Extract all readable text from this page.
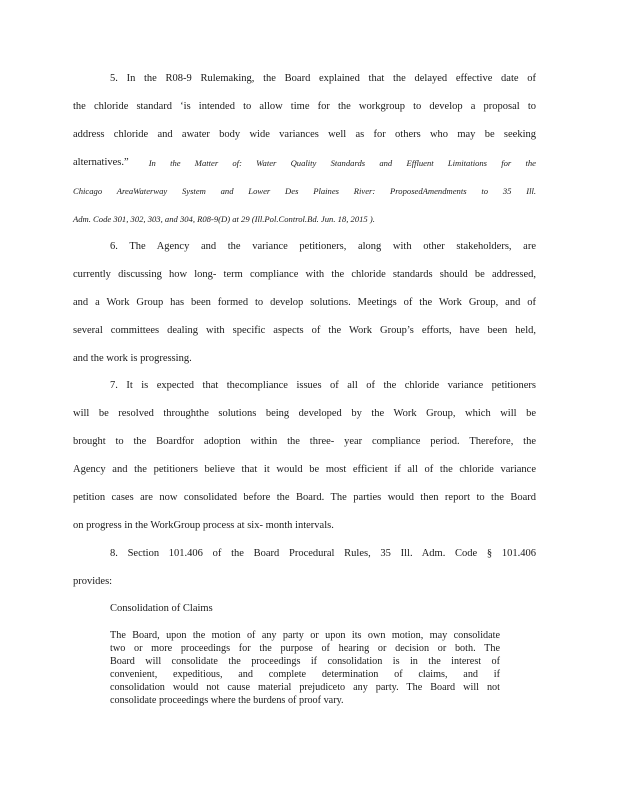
5. In the R08-9 Rulemaking, the Board explained that the delayed effective date of
the chloride standard ‘is intended to allow time for the workgroup to develop a proposal to
address chloride and awater body wide variances well as for others who may be seeking
alternatives.” In the Matter of: Water Quality Standards and Effluent Limitations for the
Chicago AreaWaterway System and Lower Des Plaines River: ProposedAmendments to 35 Ill.
Adm. Code 301, 302, 303, and 304, R08-9(D) at 29 (Ill.Pol.Control.Bd. Jun. 18, 2015 ).
6. The Agency and the variance petitioners, along with other stakeholders, are
currently discussing how long- term compliance with the chloride standards should be addressed,
and a Work Group has been formed to develop solutions. Meetings of the Work Group, and of
several committees dealing with specific aspects of the Work Group’s efforts, have been held,
and the work is progressing.
7. It is expected that thecompliance issues of all of the chloride variance petitioners
will be resolved throughthe solutions being developed by the Work Group, which will be
brought to the Boardfor adoption within the three- year compliance period. Therefore, the
Agency and the petitioners believe that it would be most efficient if all of the chloride variance
petition cases are now consolidated before the Board. The parties would then report to the Board
on progress in the WorkGroup process at six- month intervals.
8. Section 101.406 of the Board Procedural Rules, 35 Ill. Adm. Code § 101.406
provides:
Consolidation of Claims
The Board, upon the motion of any party or upon its own motion, may consolidate
two or more proceedings for the purpose of hearing or decision or both. The
Board will consolidate the proceedings if consolidation is in the interest of
convenient, expeditious, and complete determination of claims, and if
consolidation would not cause material prejudiceto any party. The Board will not
consolidate proceedings where the burdens of proof vary.
